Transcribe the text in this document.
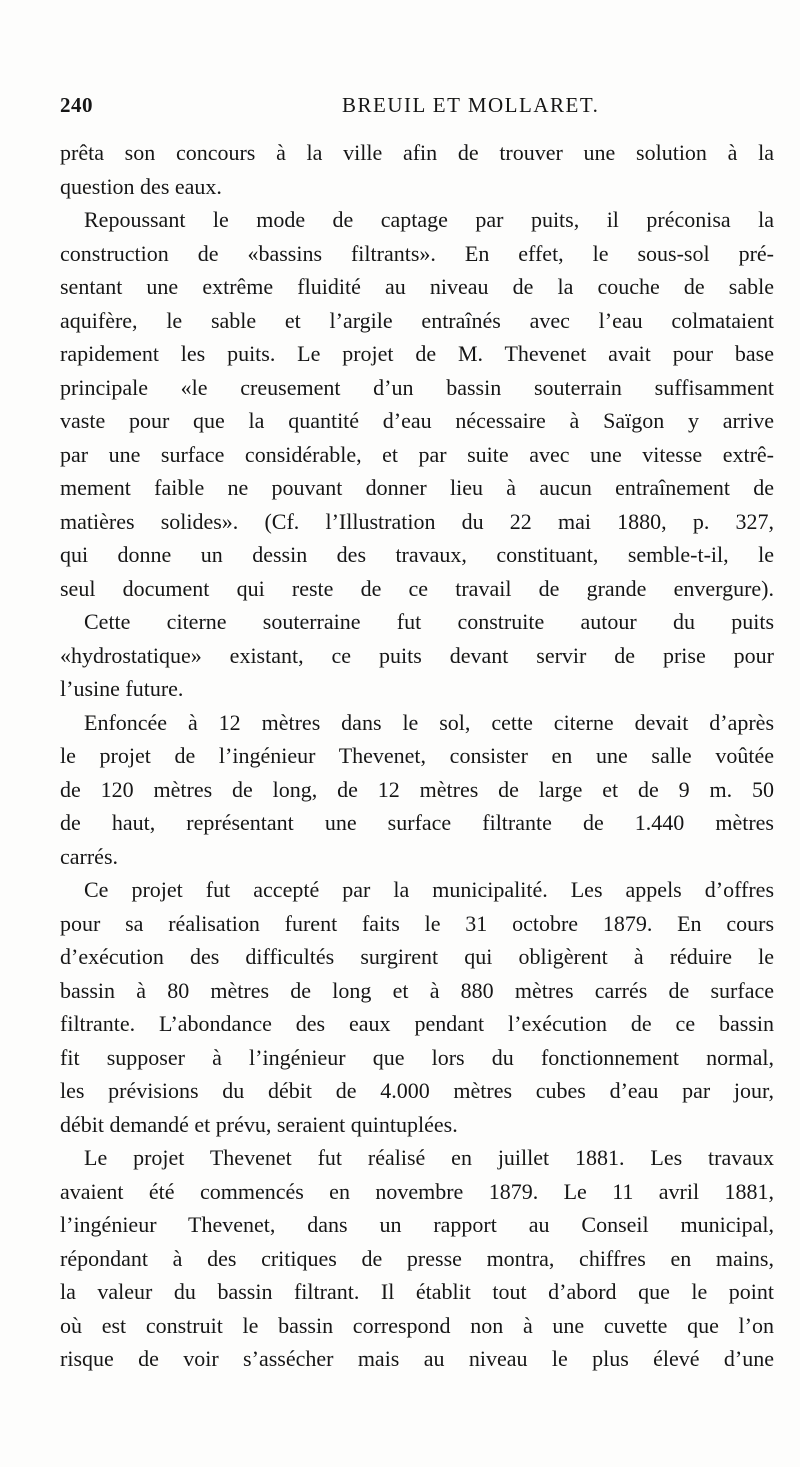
240	BREUIL ET MOLLARET.
prêta son concours à la ville afin de trouver une solution à la
question des eaux.
Repoussant le mode de captage par puits, il préconisa la
construction de «bassins filtrants». En effet, le sous-sol pré-
sentant une extrême fluidité au niveau de la couche de sable
aquifère, le sable et l’argile entraînés avec l’eau colmataient
rapidement les puits. Le projet de M. Thevenet avait pour base
principale «le creusement d’un bassin souterrain suffisamment
vaste pour que la quantité d’eau nécessaire à Saïgon y arrive
par une surface considérable, et par suite avec une vitesse extrê-
mement faible ne pouvant donner lieu à aucun entraînement de
matières solides». (Cf. l’Illustration du 22 mai 1880, p. 327,
qui donne un dessin des travaux, constituant, semble-t-il, le
seul document qui reste de ce travail de grande envergure).
Cette citerne souterraine fut construite autour du puits
«hydrostatique» existant, ce puits devant servir de prise pour
l’usine future.
Enfoncée à 12 mètres dans le sol, cette citerne devait d’après
le projet de l’ingénieur Thevenet, consister en une salle voûtée
de 120 mètres de long, de 12 mètres de large et de 9 m. 50
de haut, représentant une surface filtrante de 1.440 mètres
carrés.
Ce projet fut accepté par la municipalité. Les appels d’offres
pour sa réalisation furent faits le 31 octobre 1879. En cours
d’exécution des difficultés surgirent qui obligèrent à réduire le
bassin à 80 mètres de long et à 880 mètres carrés de surface
filtrante. L’abondance des eaux pendant l’exécution de ce bassin
fit supposer à l’ingénieur que lors du fonctionnement normal,
les prévisions du débit de 4.000 mètres cubes d’eau par jour,
débit demandé et prévu, seraient quintuplées.
Le projet Thevenet fut réalisé en juillet 1881. Les travaux
avaient été commencés en novembre 1879. Le 11 avril 1881,
l’ingénieur Thevenet, dans un rapport au Conseil municipal,
répondant à des critiques de presse montra, chiffres en mains,
la valeur du bassin filtrant. Il établit tout d’abord que le point
où est construit le bassin correspond non à une cuvette que l’on
risque de voir s’assécher mais au niveau le plus élevé d’une
